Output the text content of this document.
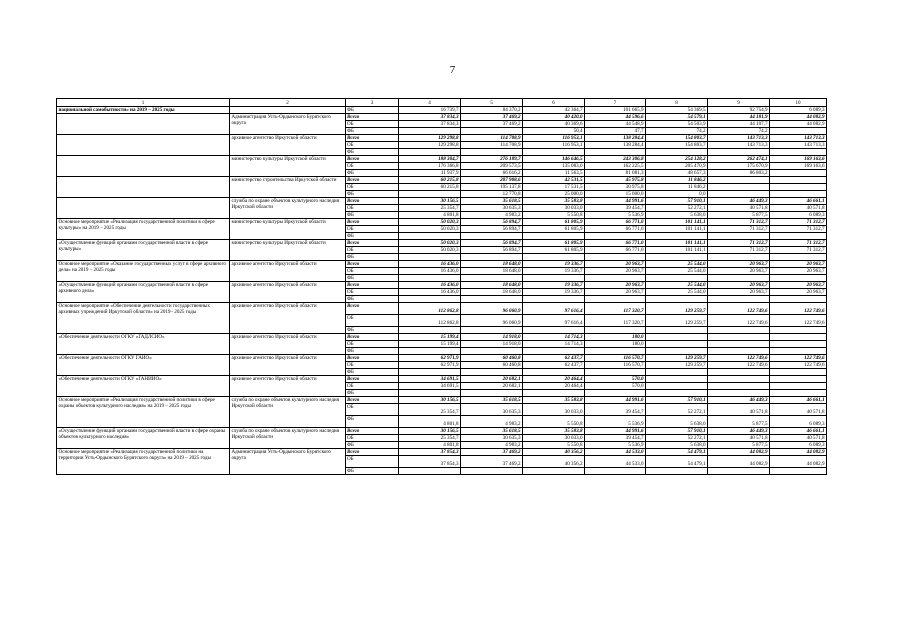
7
1	2	3	4	5	6	7	8	9	10
национальной самобытности» на 2019 – 2025 годы		ФБ	16 739,7	84 370,2	42 364,7	101 665,9	54 369,5	92 754,9	6 089,3
	Администрация Усть-Ордынского Бурятского округа	Всего	37 834,3	37 469,2	40 420,0	44 596,6	54 579,1	44 181,9	44 082,9
		ОБ	37 834,3	37 469,2	40 369,6	44 548,9	54 503,9	44 107,7	44 082,9
		ФБ			50,4	47,7	74,2	74,2	
	архивное агентство Иркутской области	Всего	129 298,8	114 708,9	116 953,1	138 284,4	154 803,7	143 713,3	143 713,3
		ОБ	129 298,8	114 708,9	116 953,1	138 284,4	154 803,7	143 713,3	143 713,3
		ФБ							
	министерство культуры Иркутской области	Всего	188 304,7	276 189,7	146 646,5	243 306,8	254 128,2	262 474,1	169 163,6
		ОБ	176 366,8	209 573,5	135 083,0	162 225,5	205 470,9	175 670,9	169 163,6
		ФБ	11 937,9	66 616,2	11 563,5	81 081,3	48 657,3	86 803,2	
	министерство строительства Иркутской области	Всего	60 215,8	207 908,6	42 531,5	45 975,8	11 846,2		
		ОБ	60 215,8	195 137,8	17 531,5	30 975,8	11 846,2		
		ФБ		12 770,8	25 000,0	15 000,0	0,0		
	служба по охране объектов культурного наследия Иркутской области	Всего	30 156,5	35 618,5	35 583,8	44 991,6	57 910,1	46 449,3	46 661,1
		ОБ	25 354,7	30 635,3	30 033,0	39 454,7	52 272,1	40 571,8	40 571,8
		ФБ	4 801,8	4 983,2	5 550,8	5 536,9	5 638,0	5 877,5	6 089,3
Основное мероприятие «Реализация государственной политики в сфере культуры» на 2019 – 2025 годы	министерство культуры Иркутской области	Всего	50 020,3	56 894,7	61 805,9	66 771,0	101 141,1	71 312,7	71 312,7
		ОБ	50 020,3	56 894,7	61 805,9	66 771,0	101 141,1	71 312,7	71 312,7
		ФБ							
«Осуществление функций органами государственной власти в сфере культуры»	министерство культуры Иркутской области	Всего	50 020,3	56 894,7	61 805,9	66 771,0	101 141,1	71 312,7	71 312,7
		ОБ	50 020,3	56 894,7	61 805,9	66 771,0	101 141,1	71 312,7	71 312,7
		ФБ							
Основное мероприятие «Оказание государственных услуг в сфере архивного дела» на 2019 – 2025 годы	архивное агентство Иркутской области	Всего	16 436,0	18 648,0	19 336,7	20 963,7	25 544,0	20 963,7	20 963,7
		ОБ	16 436,0	18 648,0	19 336,7	20 963,7	25 544,0	20 963,7	20 963,7
		ФБ							
«Осуществление функций органами государственной власти в сфере архивного дела»	архивное агентство Иркутской области	Всего	16 436,0	18 648,0	19 336,7	20 963,7	25 544,0	20 963,7	20 963,7
		ОБ	16 436,0	18 648,0	19 336,7	20 963,7	25 544,0	20 963,7	20 963,7
		ФБ							
Основное мероприятие «Обеспечение деятельности государственных архивных учреждений Иркутской области» на 2019– 2025 годы	архивное агентство Иркутской области	Всего	112 862,8	96 060,9	97 616,4	117 320,7	129 259,7	122 749,6	122 749,6
		ОБ	112 862,8	96 060,9	97 616,4	117 320,7	129 259,7	122 749,6	122 749,6
		ФБ							
«Обеспечение деятельности ОГКУ «ГАДЛСИО»	архивное агентство Иркутской области	Всего	15 199,4	14 918,0	14 714,3	180,0			
		ОБ	15 199,4	14 918,0	14 714,3	180,0			
		ФБ							
«Обеспечение деятельности ОГКУ ГАИО»	архивное агентство Иркутской области	Всего	62 971,9	60 460,8	62 437,7	116 570,7	129 259,7	122 749,6	122 749,6
		ОБ	62 971,9	60 460,8	62 437,7	116 570,7	129 259,7	122 749,6	122 749,6
		ФБ							
«Обеспечение деятельности ОГКУ «ГАНИИО»	архивное агентство Иркутской области	Всего	34 691,5	20 682,1	20 464,4	570,0			
		ОБ	34 691,5	20 682,1	20 464,4	570,0			
		ФБ							
Основное мероприятие «Реализация государственной политики в сфере охраны объектов культурного наследия» на 2019 – 2025 годы	служба по охране объектов культурного наследия Иркутской области	Всего	30 156,5	35 618,5	35 583,8	44 991,6	57 910,1	46 449,3	46 661,1
		ОБ	25 354,7	30 635,3	30 033,0	39 454,7	52 272,1	40 571,8	40 571,8
		ФБ	4 801,8	4 983,2	5 550,8	5 536,9	5 638,0	5 877,5	6 089,3
«Осуществление функций органами государственной власти в сфере охраны объектов культурного наследия»	служба по охране объектов культурного наследия Иркутской области	Всего	30 156,5	35 618,5	35 583,8	44 991,6	57 910,1	46 449,3	46 661,1
		ОБ	25 354,7	30 635,3	30 033,0	39 454,7	52 272,1	40 571,8	40 571,8
		ФБ	4 801,8	4 983,2	5 550,8	5 536,9	5 638,0	5 877,5	6 089,3
Основное мероприятие «Реализация государственной политики на территории Усть-Ордынского Бурятского округа» на 2019 – 2025 годы	Администрация Усть-Ордынского Бурятского округа	Всего	37 854,3	37 469,2	40 356,2	44 533,0	54 479,1	44 082,9	44 082,9
		ОБ	37 854,3	37 469,2	40 356,2	44 533,0	54 479,1	44 082,9	44 082,9
		ФБ							
